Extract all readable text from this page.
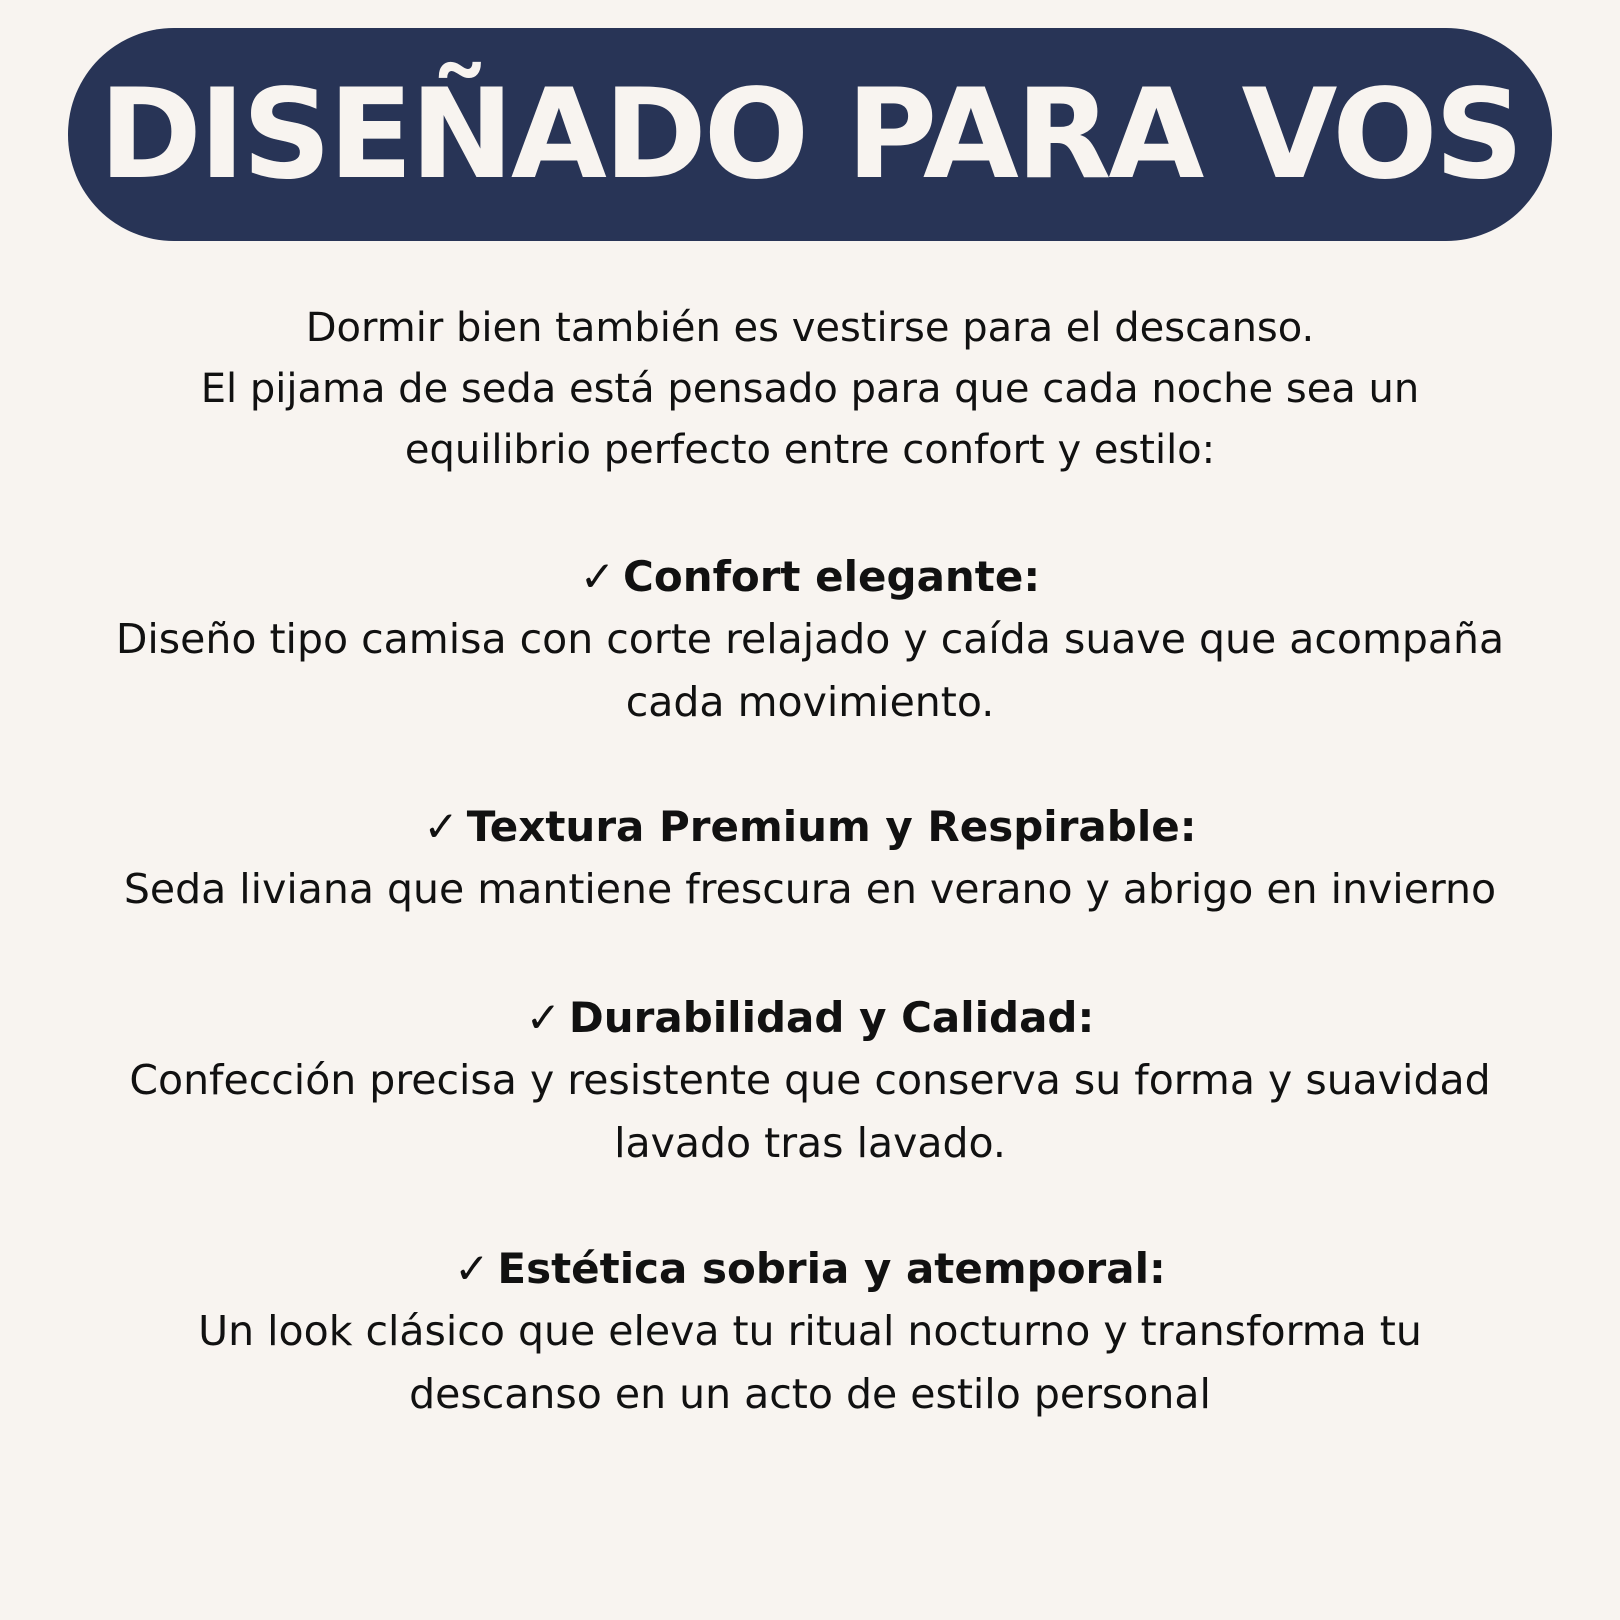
DISEÑADO PARA VOS
Dormir bien también es vestirse para el descanso.
El pijama de seda está pensado para que cada noche sea un
equilibrio perfecto entre confort y estilo:
✓ Confort elegante:
Diseño tipo camisa con corte relajado y caída suave que acompaña
cada movimiento.
✓ Textura Premium y Respirable:
Seda liviana que mantiene frescura en verano y abrigo en invierno
✓ Durabilidad y Calidad:
Confección precisa y resistente que conserva su forma y suavidad
lavado tras lavado.
✓ Estética sobria y atemporal:
Un look clásico que eleva tu ritual nocturno y transforma tu
descanso en un acto de estilo personal
